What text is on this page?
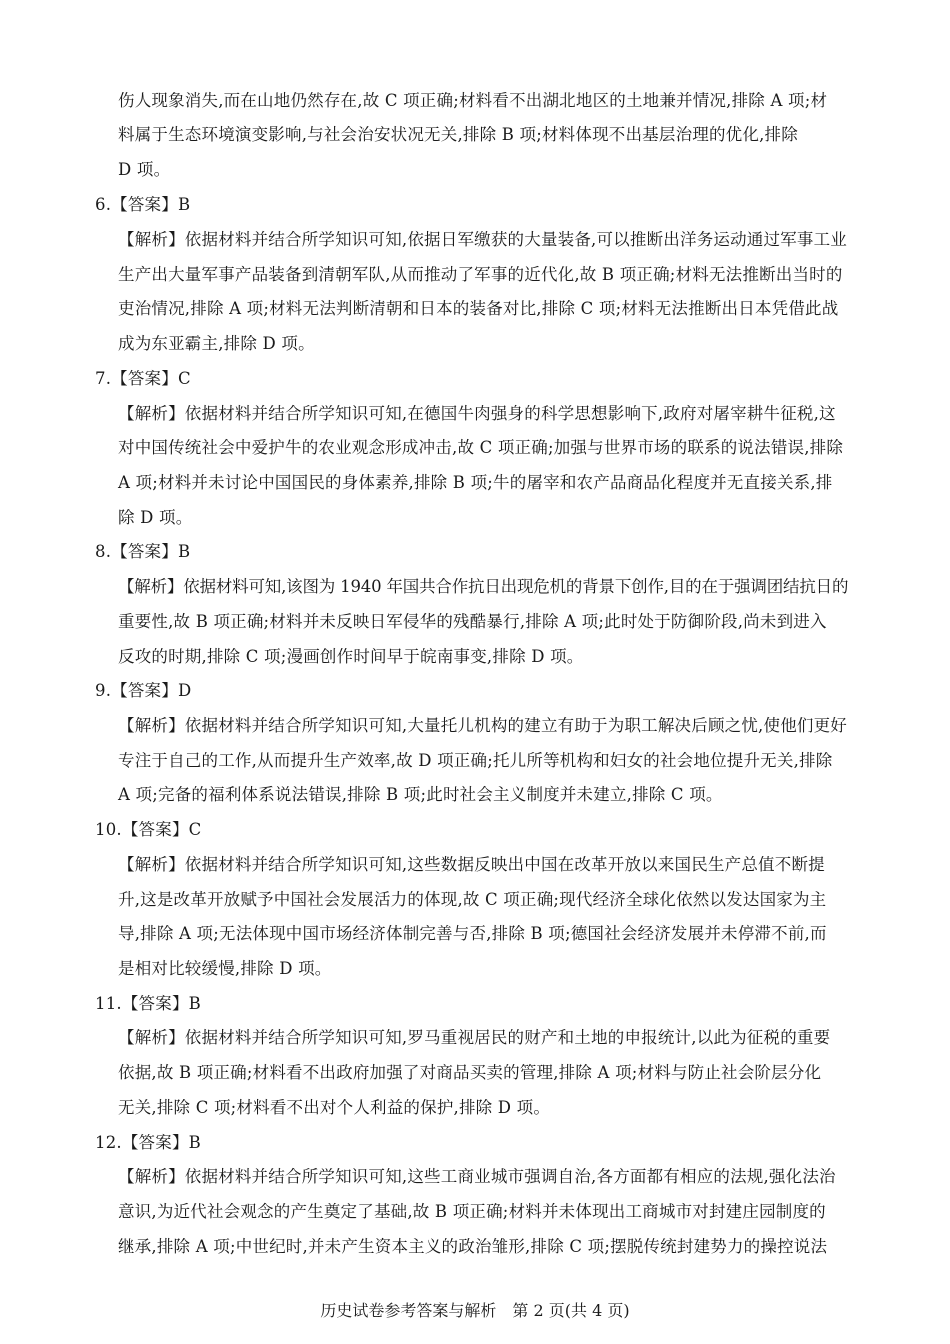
伤人现象消失,而在山地仍然存在,故 C 项正确;材料看不出湖北地区的土地兼并情况,排除 A 项;材
料属于生态环境演变影响,与社会治安状况无关,排除 B 项;材料体现不出基层治理的优化,排除
D 项。
6.【答案】B
【解析】依据材料并结合所学知识可知,依据日军缴获的大量装备,可以推断出洋务运动通过军事工业
生产出大量军事产品装备到清朝军队,从而推动了军事的近代化,故 B 项正确;材料无法推断出当时的
吏治情况,排除 A 项;材料无法判断清朝和日本的装备对比,排除 C 项;材料无法推断出日本凭借此战
成为东亚霸主,排除 D 项。
7.【答案】C
【解析】依据材料并结合所学知识可知,在德国牛肉强身的科学思想影响下,政府对屠宰耕牛征税,这
对中国传统社会中爱护牛的农业观念形成冲击,故 C 项正确;加强与世界市场的联系的说法错误,排除
A 项;材料并未讨论中国国民的身体素养,排除 B 项;牛的屠宰和农产品商品化程度并无直接关系,排
除 D 项。
8.【答案】B
【解析】依据材料可知,该图为 1940 年国共合作抗日出现危机的背景下创作,目的在于强调团结抗日的
重要性,故 B 项正确;材料并未反映日军侵华的残酷暴行,排除 A 项;此时处于防御阶段,尚未到进入
反攻的时期,排除 C 项;漫画创作时间早于皖南事变,排除 D 项。
9.【答案】D
【解析】依据材料并结合所学知识可知,大量托儿机构的建立有助于为职工解决后顾之忧,使他们更好
专注于自己的工作,从而提升生产效率,故 D 项正确;托儿所等机构和妇女的社会地位提升无关,排除
A 项;完备的福利体系说法错误,排除 B 项;此时社会主义制度并未建立,排除 C 项。
10.【答案】C
【解析】依据材料并结合所学知识可知,这些数据反映出中国在改革开放以来国民生产总值不断提
升,这是改革开放赋予中国社会发展活力的体现,故 C 项正确;现代经济全球化依然以发达国家为主
导,排除 A 项;无法体现中国市场经济体制完善与否,排除 B 项;德国社会经济发展并未停滞不前,而
是相对比较缓慢,排除 D 项。
11.【答案】B
【解析】依据材料并结合所学知识可知,罗马重视居民的财产和土地的申报统计,以此为征税的重要
依据,故 B 项正确;材料看不出政府加强了对商品买卖的管理,排除 A 项;材料与防止社会阶层分化
无关,排除 C 项;材料看不出对个人利益的保护,排除 D 项。
12.【答案】B
【解析】依据材料并结合所学知识可知,这些工商业城市强调自治,各方面都有相应的法规,强化法治
意识,为近代社会观念的产生奠定了基础,故 B 项正确;材料并未体现出工商城市对封建庄园制度的
继承,排除 A 项;中世纪时,并未产生资本主义的政治雏形,排除 C 项;摆脱传统封建势力的操控说法
历史试卷参考答案与解析　第 2 页(共 4 页)
